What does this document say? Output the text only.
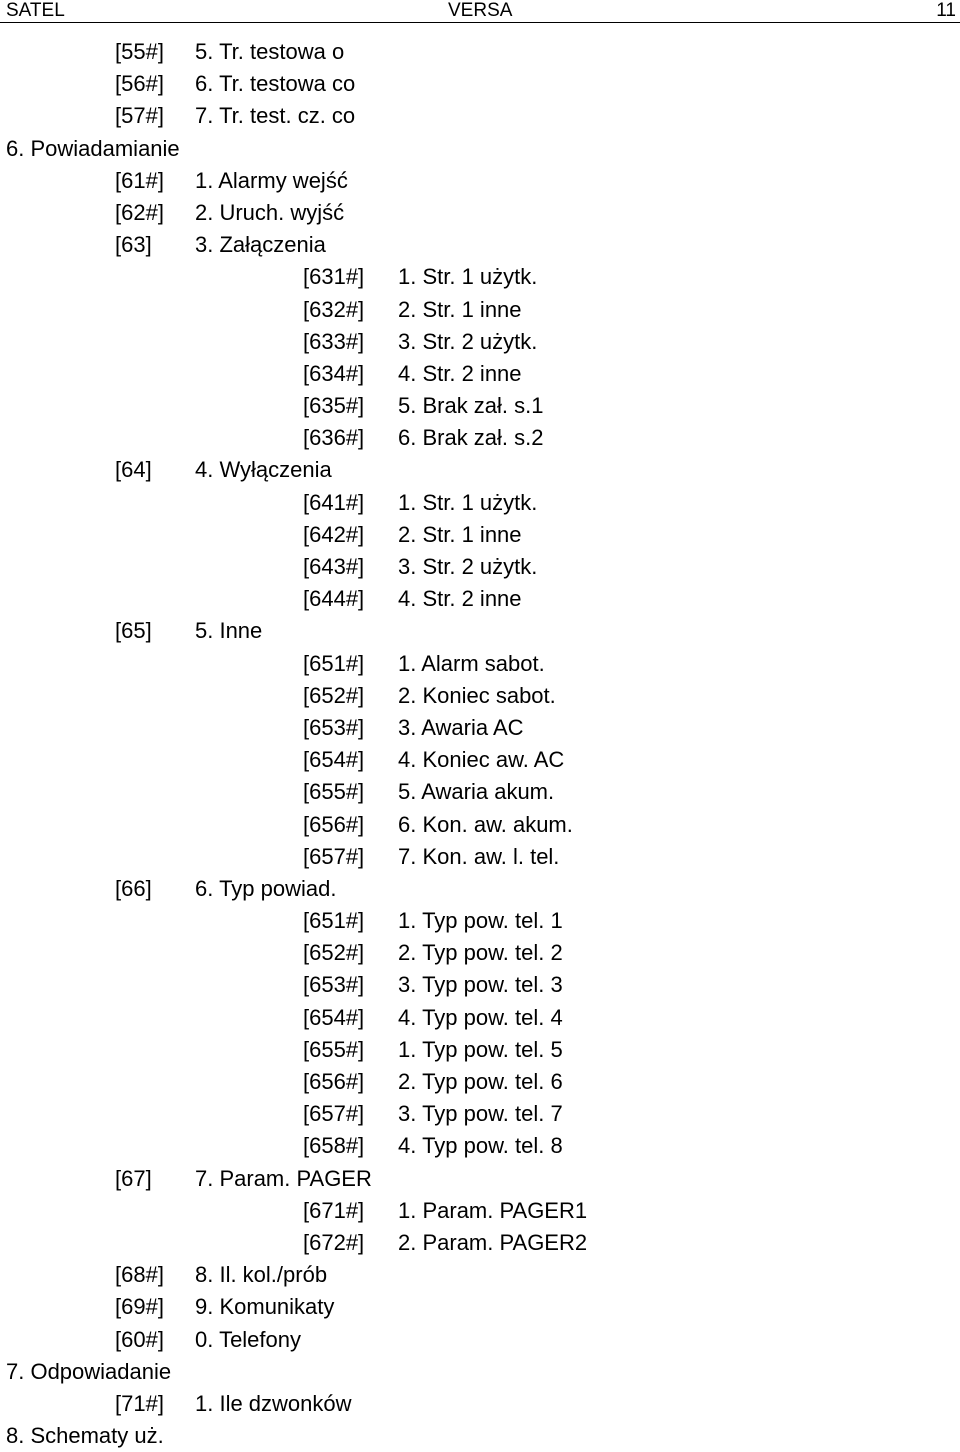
SATEL	VERSA	11
[55#] 5. Tr. testowa o
[56#] 6. Tr. testowa co
[57#] 7. Tr. test. cz. co
6. Powiadamianie
[61#] 1. Alarmy wejść
[62#] 2. Uruch. wyjść
[63] 3. Załączenia
[631#] 1. Str. 1 użytk.
[632#] 2. Str. 1 inne
[633#] 3. Str. 2 użytk.
[634#] 4. Str. 2 inne
[635#] 5. Brak zał. s.1
[636#] 6. Brak zał. s.2
[64] 4. Wyłączenia
[641#] 1. Str. 1 użytk.
[642#] 2. Str. 1 inne
[643#] 3. Str. 2 użytk.
[644#] 4. Str. 2 inne
[65] 5. Inne
[651#] 1. Alarm sabot.
[652#] 2. Koniec sabot.
[653#] 3. Awaria AC
[654#] 4. Koniec aw. AC
[655#] 5. Awaria akum.
[656#] 6. Kon. aw. akum.
[657#] 7. Kon. aw. l. tel.
[66] 6. Typ powiad.
[651#] 1. Typ pow. tel. 1
[652#] 2. Typ pow. tel. 2
[653#] 3. Typ pow. tel. 3
[654#] 4. Typ pow. tel. 4
[655#] 1. Typ pow. tel. 5
[656#] 2. Typ pow. tel. 6
[657#] 3. Typ pow. tel. 7
[658#] 4. Typ pow. tel. 8
[67] 7. Param. PAGER
[671#] 1. Param. PAGER1
[672#] 2. Param. PAGER2
[68#] 8. Il. kol./prób
[69#] 9. Komunikaty
[60#] 0. Telefony
7. Odpowiadanie
[71#] 1. Ile dzwonków
8. Schematy uż.
